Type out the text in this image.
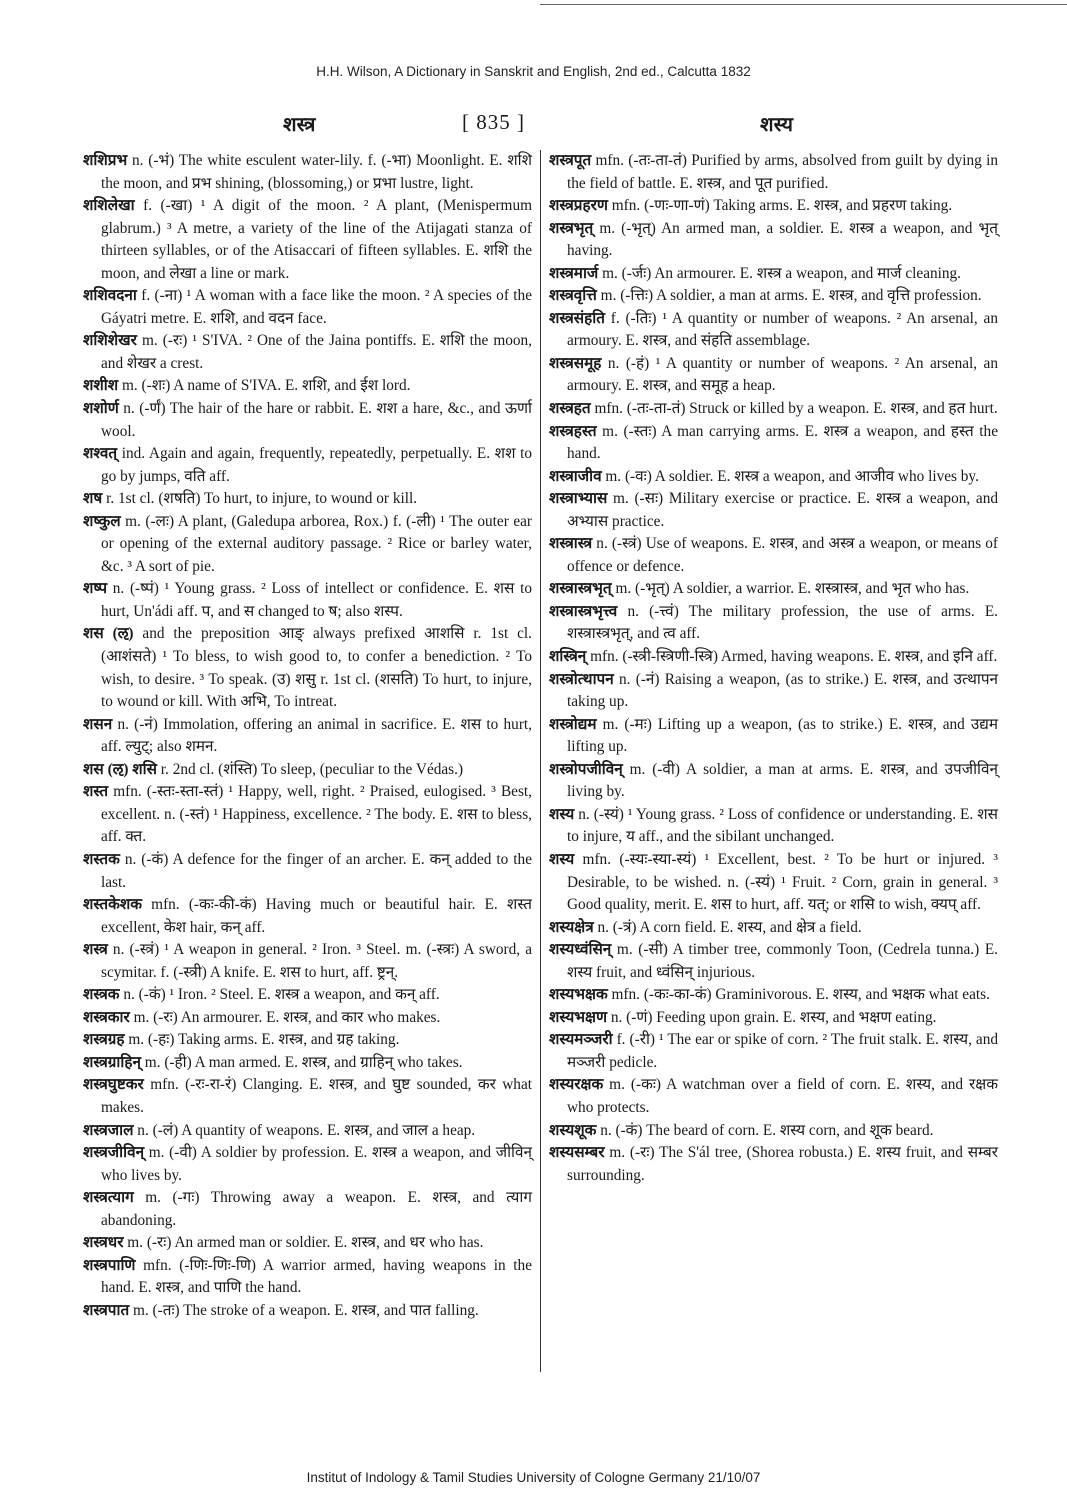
H.H. Wilson, A Dictionary in Sanskrit and English, 2nd ed., Calcutta 1832
शस्त्र	[ 835 ]	शस्य

शशिप्रभ n. (-भं) The white esculent water-lily. f. (-भा) Moonlight. E. शशि the moon, and प्रभ shining, (blossoming,) or प्रभा lustre, light.

शशिलेखा f. (-खा) ¹ A digit of the moon. ² A plant, (Menispermum glabrum.) ³ A metre, a variety of the line of the Atijagati stanza of thirteen syllables, or of the Atisaccari of fifteen syllables. E. शशि the moon, and लेखा a line or mark.

शशिवदना f. (-ना) ¹ A woman with a face like the moon. ² A species of the Gáyatri metre. E. शशि, and वदन face.

शशिशेखर m. (-रः) ¹ S'IVA. ² One of the Jaina pontiffs. E. शशि the moon, and शेखर a crest.

शशीश m. (-शः) A name of S'IVA. E. शशि, and ईश lord.

शशोर्ण n. (-र्णं) The hair of the hare or rabbit. E. शश a hare, &c., and ऊर्णा wool.

शश्वत् ind. Again and again, frequently, repeatedly, perpetually. E. शश to go by jumps, वति aff.

शष r. 1st cl. (शषति) To hurt, to injure, to wound or kill.

शष्कुल m. (-लः) A plant, (Galedupa arborea, Rox.) f. (-ली) ¹ The outer ear or opening of the external auditory passage. ² Rice or barley water, &c. ³ A sort of pie.

शष्प n. (-ष्पं) ¹ Young grass. ² Loss of intellect or confidence. E. शस to hurt, Un'ádi aff. प, and स changed to ष; also शस्प.

शस (ऌ) and the preposition आङ् always prefixed आशसि r. 1st cl. (आशंसते) ¹ To bless, to wish good to, to confer a benediction. ² To wish, to desire. ³ To speak. (उ) शसु r. 1st cl. (शसति) To hurt, to injure, to wound or kill. With अभि, To intreat.

शसन n. (-नं) Immolation, offering an animal in sacrifice. E. शस to hurt, aff. ल्युट्; also शमन.

शस (ऌ) शसि r. 2nd cl. (शंस्ति) To sleep, (peculiar to the Védas.)

शस्त mfn. (-स्तः-स्ता-स्तं) ¹ Happy, well, right. ² Praised, eulogised. ³ Best, excellent. n. (-स्तं) ¹ Happiness, excellence. ² The body. E. शस to bless, aff. क्त.

शस्तक n. (-कं) A defence for the finger of an archer. E. कन् added to the last.

शस्तकेशक mfn. (-कः-की-कं) Having much or beautiful hair. E. शस्त excellent, केश hair, कन् aff.

शस्त्र n. (-स्त्रं) ¹ A weapon in general. ² Iron. ³ Steel. m. (-स्त्रः) A sword, a scymitar. f. (-स्त्री) A knife. E. शस to hurt, aff. ष्ट्रन्.

शस्त्रक n. (-कं) ¹ Iron. ² Steel. E. शस्त्र a weapon, and कन् aff.

शस्त्रकार m. (-रः) An armourer. E. शस्त्र, and कार who makes.

शस्त्रग्रह m. (-हः) Taking arms. E. शस्त्र, and ग्रह taking.

शस्त्रग्राहिन् m. (-ही) A man armed. E. शस्त्र, and ग्राहिन् who takes.

शस्त्रघुष्टकर mfn. (-रः-रा-रं) Clanging. E. शस्त्र, and घुष्ट sounded, कर what makes.

शस्त्रजाल n. (-लं) A quantity of weapons. E. शस्त्र, and जाल a heap.

शस्त्रजीविन् m. (-वी) A soldier by profession. E. शस्त्र a weapon, and जीविन् who lives by.

शस्त्रत्याग m. (-गः) Throwing away a weapon. E. शस्त्र, and त्याग abandoning.

शस्त्रधर m. (-रः) An armed man or soldier. E. शस्त्र, and धर who has.

शस्त्रपाणि mfn. (-णिः-णिः-णि) A warrior armed, having weapons in the hand. E. शस्त्र, and पाणि the hand.

शस्त्रपात m. (-तः) The stroke of a weapon. E. शस्त्र, and पात falling.

शस्त्रपूत mfn. (-तः-ता-तं) Purified by arms, absolved from guilt by dying in the field of battle. E. शस्त्र, and पूत purified.

शस्त्रप्रहरण mfn. (-णः-णा-णं) Taking arms. E. शस्त्र, and प्रहरण taking.

शस्त्रभृत् m. (-भृत्) An armed man, a soldier. E. शस्त्र a weapon, and भृत् having.

शस्त्रमार्ज m. (-र्जः) An armourer. E. शस्त्र a weapon, and मार्ज cleaning.

शस्त्रवृत्ति m. (-त्तिः) A soldier, a man at arms. E. शस्त्र, and वृत्ति profession.

शस्त्रसंहति f. (-तिः) ¹ A quantity or number of weapons. ² An arsenal, an armoury. E. शस्त्र, and संहति assemblage.

शस्त्रसमूह n. (-हं) ¹ A quantity or number of weapons. ² An arsenal, an armoury. E. शस्त्र, and समूह a heap.

शस्त्रहत mfn. (-तः-ता-तं) Struck or killed by a weapon. E. शस्त्र, and हत hurt.

शस्त्रहस्त m. (-स्तः) A man carrying arms. E. शस्त्र a weapon, and हस्त the hand.

शस्त्राजीव m. (-वः) A soldier. E. शस्त्र a weapon, and आजीव who lives by.

शस्त्राभ्यास m. (-सः) Military exercise or practice. E. शस्त्र a weapon, and अभ्यास practice.

शस्त्रास्त्र n. (-स्त्रं) Use of weapons. E. शस्त्र, and अस्त्र a weapon, or means of offence or defence.

शस्त्रास्त्रभृत् m. (-भृत्) A soldier, a warrior. E. शस्त्रास्त्र, and भृत who has.

शस्त्रास्त्रभृत्त्व n. (-त्त्वं) The military profession, the use of arms. E. शस्त्रास्त्रभृत्, and त्व aff.

शस्त्रिन् mfn. (-स्त्री-स्त्रिणी-स्त्रि) Armed, having weapons. E. शस्त्र, and इनि aff.

शस्त्रोत्थापन n. (-नं) Raising a weapon, (as to strike.) E. शस्त्र, and उत्थापन taking up.

शस्त्रोद्यम m. (-मः) Lifting up a weapon, (as to strike.) E. शस्त्र, and उद्यम lifting up.

शस्त्रोपजीविन् m. (-वी) A soldier, a man at arms. E. शस्त्र, and उपजीविन् living by.

शस्य n. (-स्यं) ¹ Young grass. ² Loss of confidence or understanding. E. शस to injure, य aff., and the sibilant unchanged.

शस्य mfn. (-स्यः-स्या-स्यं) ¹ Excellent, best. ² To be hurt or injured. ³ Desirable, to be wished. n. (-स्यं) ¹ Fruit. ² Corn, grain in general. ³ Good quality, merit. E. शस to hurt, aff. यत्; or शसि to wish, क्यप् aff.

शस्यक्षेत्र n. (-त्रं) A corn field. E. शस्य, and क्षेत्र a field.

शस्यध्वंसिन् m. (-सी) A timber tree, commonly Toon, (Cedrela tunna.) E. शस्य fruit, and ध्वंसिन् injurious.

शस्यभक्षक mfn. (-कः-का-कं) Graminivorous. E. शस्य, and भक्षक what eats.

शस्यभक्षण n. (-णं) Feeding upon grain. E. शस्य, and भक्षण eating.

शस्यमञ्जरी f. (-री) ¹ The ear or spike of corn. ² The fruit stalk. E. शस्य, and मञ्जरी pedicle.

शस्यरक्षक m. (-कः) A watchman over a field of corn. E. शस्य, and रक्षक who protects.

शस्यशूक n. (-कं) The beard of corn. E. शस्य corn, and शूक beard.

शस्यसम्बर m. (-रः) The S'ál tree, (Shorea robusta.) E. शस्य fruit, and सम्बर surrounding.

Institut of Indology & Tamil Studies University of Cologne Germany 21/10/07
